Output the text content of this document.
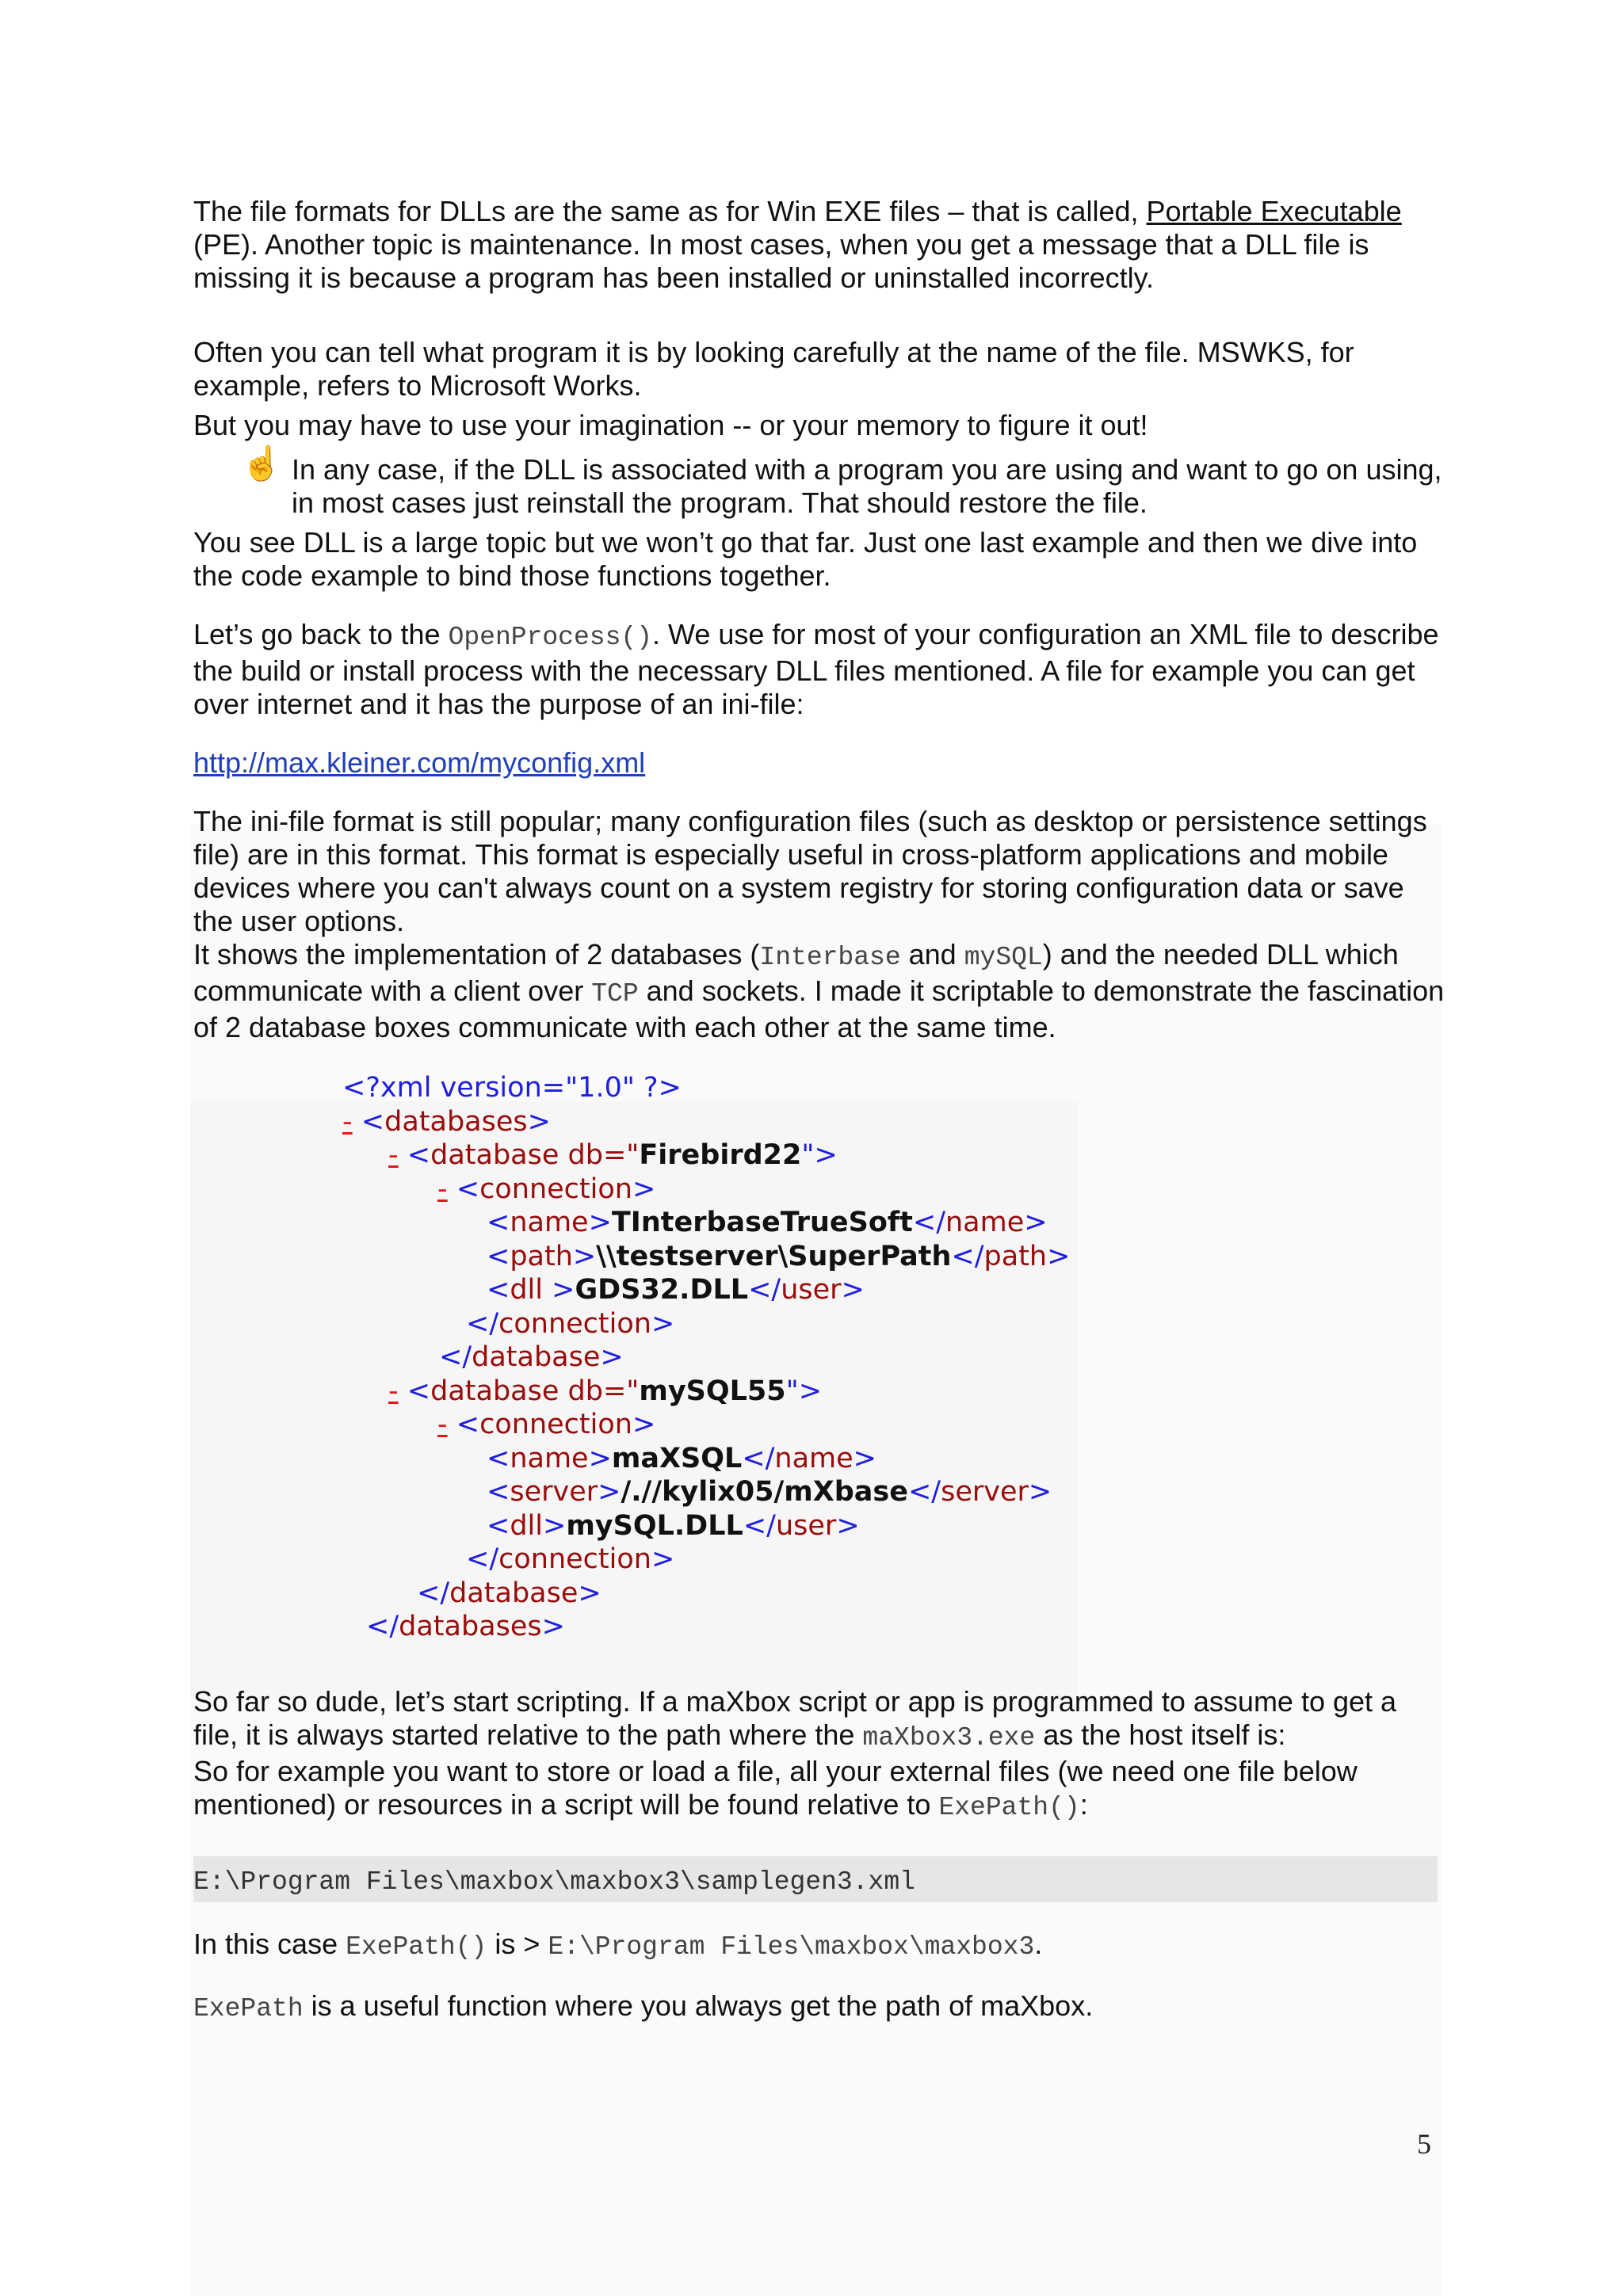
The file formats for DLLs are the same as for Win EXE files – that is called, Portable Executable (PE). Another topic is maintenance. In most cases, when you get a message that a DLL file is missing it is because a program has been installed or uninstalled incorrectly.

Often you can tell what program it is by looking carefully at the name of the file. MSWKS, for example, refers to Microsoft Works.

But you may have to use your imagination -- or your memory to figure it out!

☝ In any case, if the DLL is associated with a program you are using and want to go on using, in most cases just reinstall the program. That should restore the file.

You see DLL is a large topic but we won’t go that far. Just one last example and then we dive into the code example to bind those functions together.

Let’s go back to the OpenProcess(). We use for most of your configuration an XML file to describe the build or install process with the necessary DLL files mentioned. A file for example you can get over internet and it has the purpose of an ini-file:

http://max.kleiner.com/myconfig.xml

The ini-file format is still popular; many configuration files (such as desktop or persistence settings file) are in this format. This format is especially useful in cross-platform applications and mobile devices where you can't always count on a system registry for storing configuration data or save the user options.

It shows the implementation of 2 databases (Interbase and mySQL) and the needed DLL which communicate with a client over TCP and sockets. I made it scriptable to demonstrate the fascination of 2 database boxes communicate with each other at the same time.

<?xml version="1.0" ?>
- <databases>
- <database db="Firebird22">
- <connection>
<name>TInterbaseTrueSoft</name>
<path>\\testserver\SuperPath</path>
<dll >GDS32.DLL</user>
</connection>
</database>
- <database db="mySQL55">
- <connection>
<name>maXSQL</name>
<server>/.//kylix05/mXbase</server>
<dll>mySQL.DLL</user>
</connection>
</database>
</databases>

So far so dude, let’s start scripting. If a maXbox script or app is programmed to assume to get a file, it is always started relative to the path where the maXbox3.exe as the host itself is:

So for example you want to store or load a file, all your external files (we need one file below mentioned) or resources in a script will be found relative to ExePath():

E:\Program Files\maxbox\maxbox3\samplegen3.xml

In this case ExePath() is > E:\Program Files\maxbox\maxbox3.

ExePath is a useful function where you always get the path of maXbox.

5
